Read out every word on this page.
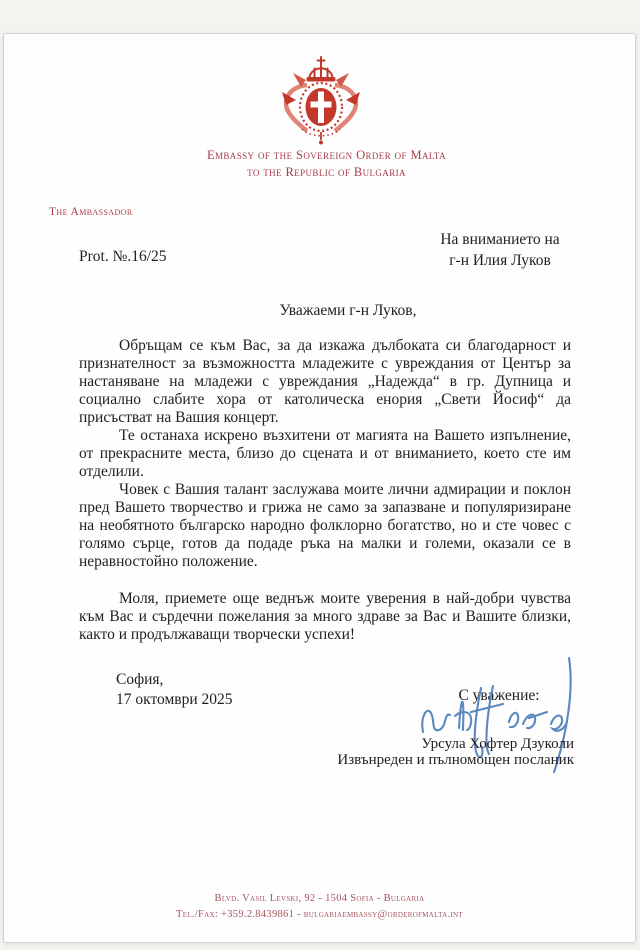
Embassy of the Sovereign Order of Malta
to the Republic of Bulgaria
The Ambassador
На вниманието на
г-н Илия Луков
Prot. №.16/25
Уважаеми г-н Луков,

Обръщам се към Вас, за да изкажа дълбоката си благодарност и признателност за възможността младежите с увреждания от Център за настаняване на младежи с увреждания „Надежда“ в гр. Дупница и социално слабите хора от католическа енория „Свети Йосиф“ да присъстват на Вашия концерт.

Те останаха искрено възхитени от магията на Вашето изпълнение, от прекрасните места, близо до сцената и от вниманието, което сте им отделили.

Човек с Вашия талант заслужава моите лични адмирации и поклон пред Вашето творчество и грижа не само за запазване и популяризиране на необятното българско народно фолклорно богатство, но и сте човес с голямо сърце, готов да подаде ръка на малки и големи, оказали се в неравностойно положение.

Моля, приемете още веднъж моите уверения в най-добри чувства към Вас и сърдечни пожелания за много здраве за Вас и Вашите близки, както и продължаващи творчески успехи!

София,
17 октомври 2025	С уважение:
Урсула Хофтер Дзуколи
Извънреден и пълномощен посланик
Blvd. Vasil Levski, 92 - 1504 Sofia - Bulgaria
Tel./Fax: +359.2.8439861 - bulgariaembassy@orderofmalta.int
